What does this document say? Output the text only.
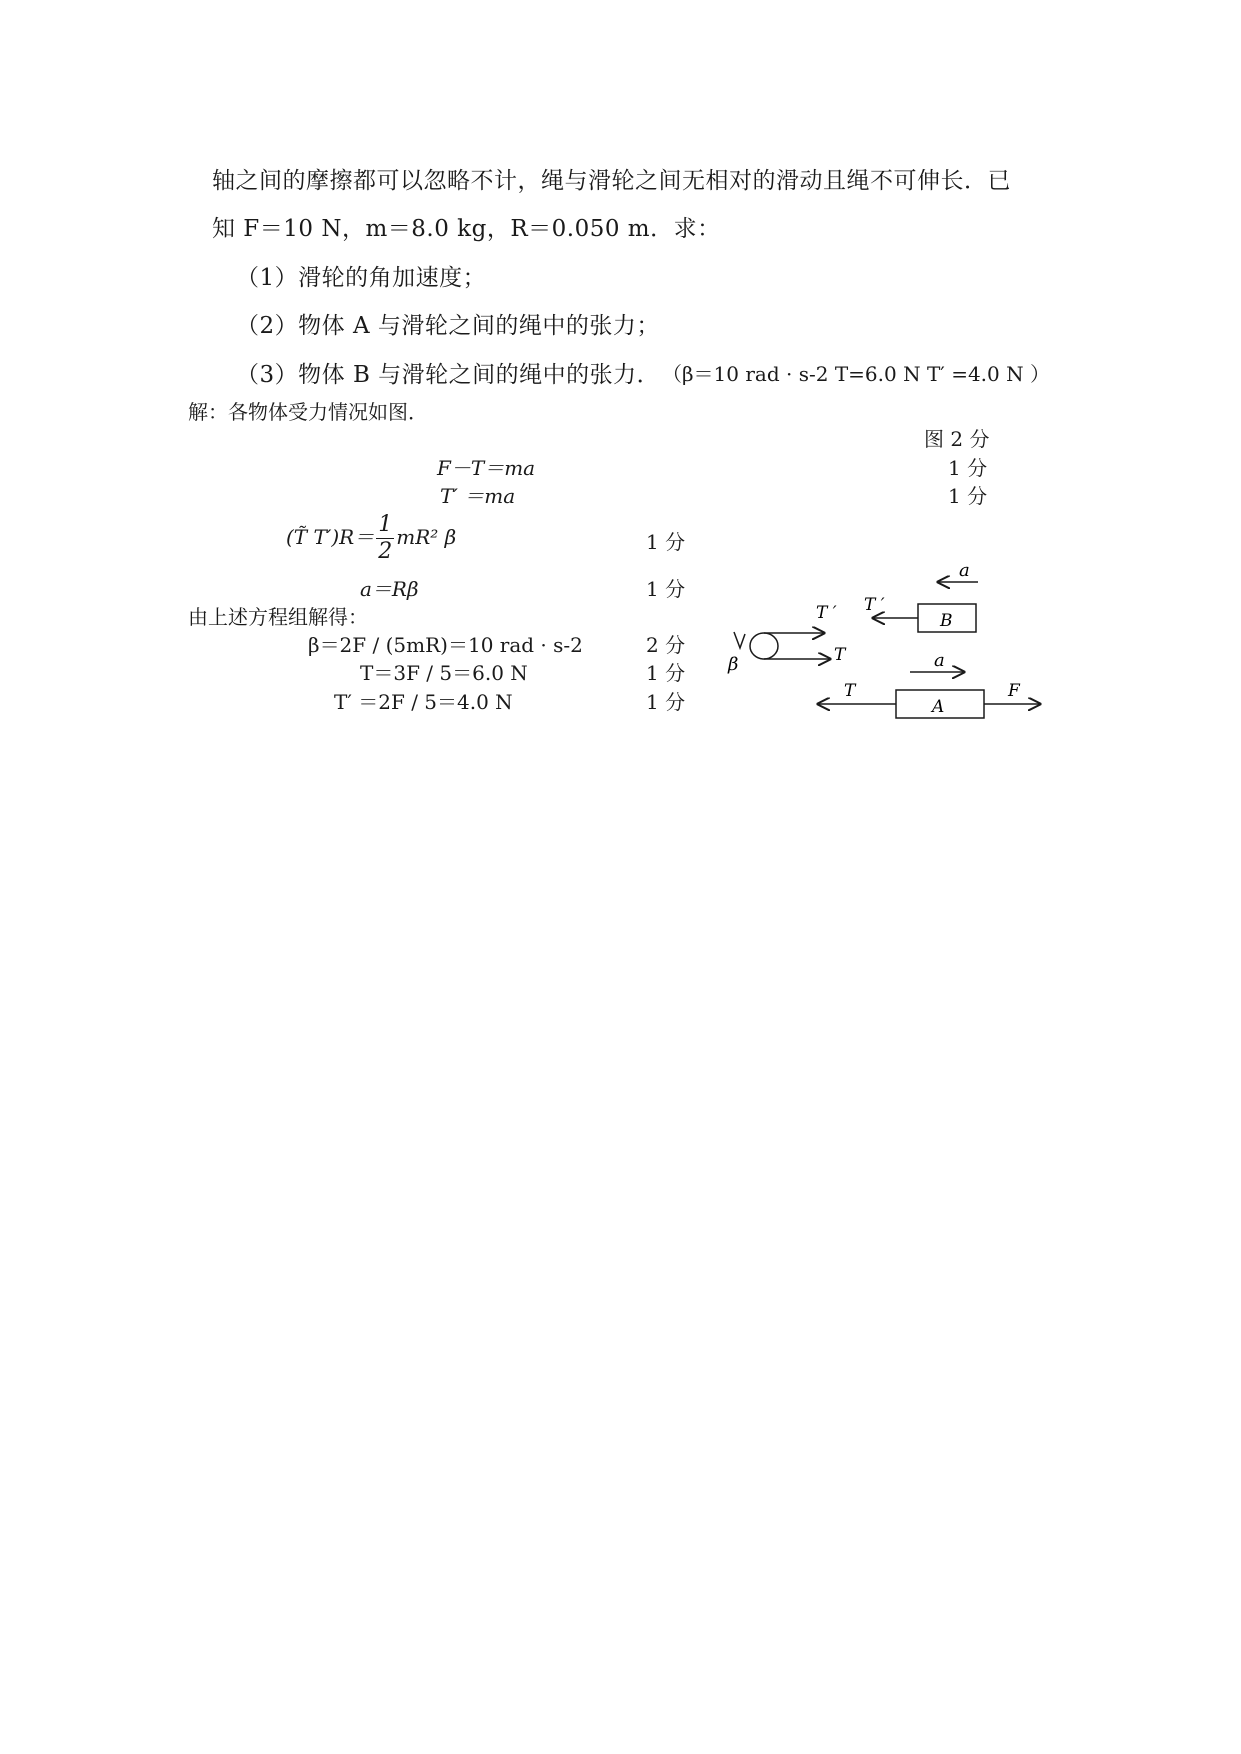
轴之间的摩擦都可以忽略不计，绳与滑轮之间无相对的滑动且绳不可伸长．已
知 F＝10 N，m＝8.0 kg，R＝0.050 m．求：
（1）滑轮的角加速度；
（2）物体 A 与滑轮之间的绳中的张力；
（3）物体 B 与滑轮之间的绳中的张力． （β＝10 rad · s-2 T=6.0 N T′ =4.0 N ）
解：各物体受力情况如图．
图 2 分
F－T＝ma	1 分
T′ ＝ma	1 分
(T̃ $T')R= \frac{1}{2} mR^2$ β	1 分
a＝Rβ	1 分
由上述方程组解得：
β＝2F / (5mR)＝10 rad · s-2	2 分
T＝3F / 5＝6.0 N	1 分
T′ ＝2F / 5＝4.0 N	1 分
a
B
T ′
T ′
T
β	a
A
T	F
